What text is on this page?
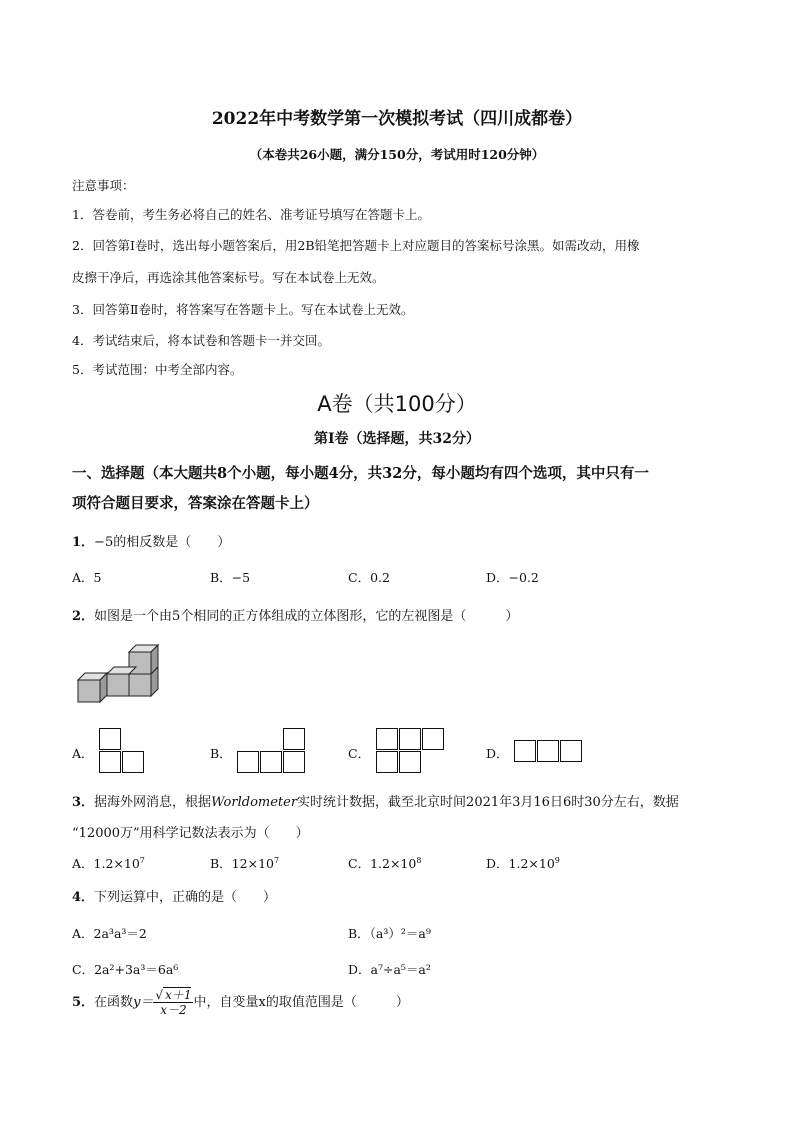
2022年中考数学第一次模拟考试（四川成都卷）
（本卷共26小题，满分150分，考试用时120分钟）
注意事项：
1．答卷前，考生务必将自己的姓名、准考证号填写在答题卡上。
2．回答第Ⅰ卷时，选出每小题答案后，用2B铅笔把答题卡上对应题目的答案标号涂黑。如需改动，用橡
皮擦干净后，再选涂其他答案标号。写在本试卷上无效。
3．回答第Ⅱ卷时，将答案写在答题卡上。写在本试卷上无效。
4．考试结束后，将本试卷和答题卡一并交回。
5．考试范围：中考全部内容。
A卷（共100分）
第Ⅰ卷（选择题，共32分）
一、选择题（本大题共8个小题，每小题4分，共32分，每小题均有四个选项，其中只有一
项符合题目要求，答案涂在答题卡上）
1．−5的相反数是（　　）
A．5	B．−5	C．0.2	D．−0.2
2．如图是一个由5个相同的正方体组成的立体图形，它的左视图是（　　　）
A．	B．	C．	D．
3．据海外网消息，根据Worldometer实时统计数据，截至北京时间2021年3月16日6时30分左右，数据
“12000万”用科学记数法表示为（　　）
A．$1.2\times 10^7$	B．$12\times 10^7$	C．$1.2\times 10^8$	D．$1.2\times 10^9$
4．下列运算中，正确的是（　　）
A．2a³a³＝2	B．（a³）²＝a⁹
C．2a²+3a³＝6a⁶	D．a⁷÷a⁵＝a²
5．在函数$y= \frac{√ x+1}{x-2}$ 中，自变量x的取值范围是（　　　）
